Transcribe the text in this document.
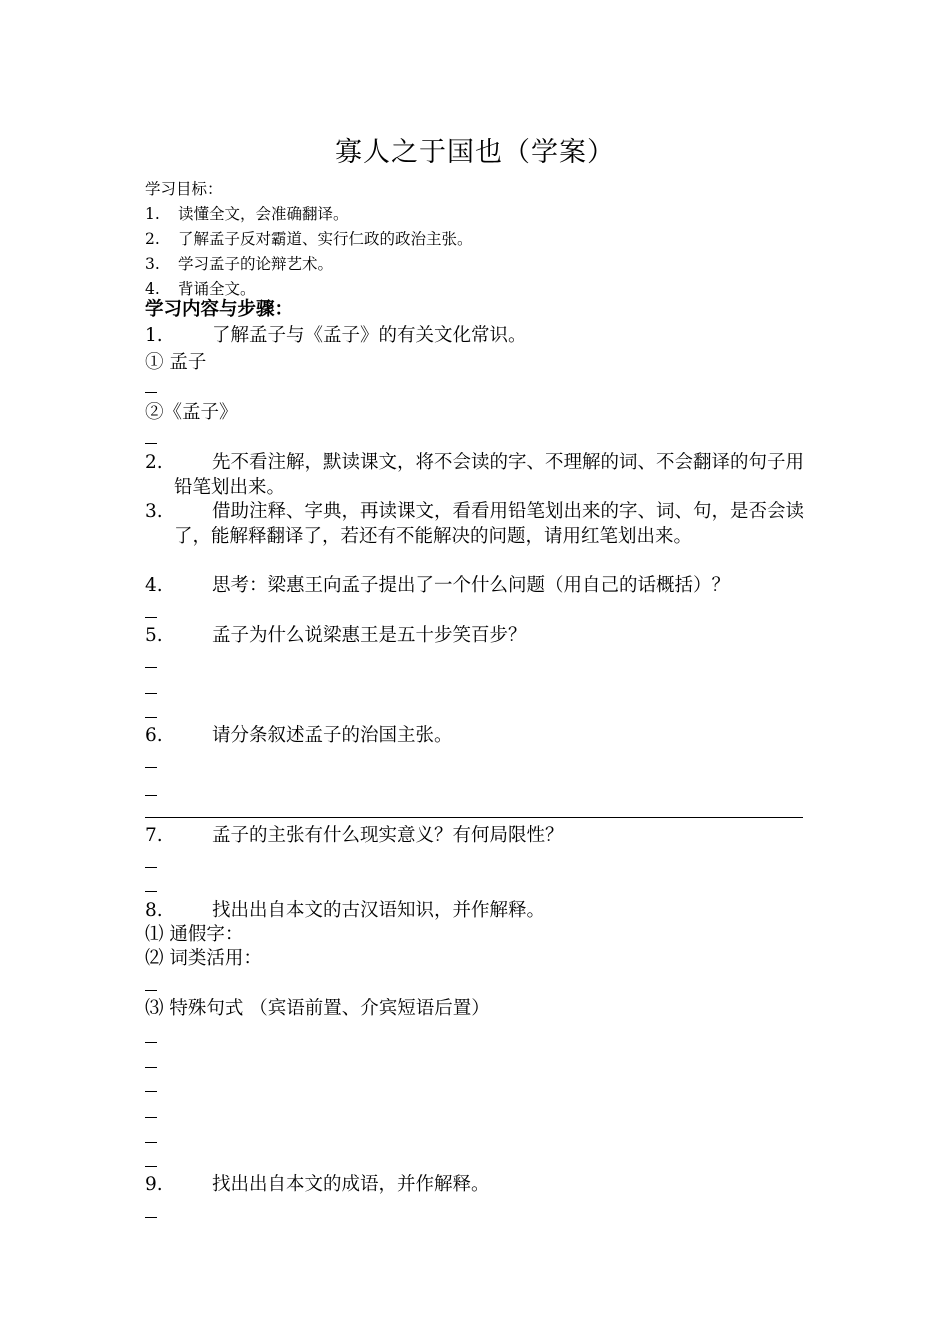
寡人之于国也（学案）
学习目标：
1. 读懂全文，会准确翻译。
2. 了解孟子反对霸道、实行仁政的政治主张。
3. 学习孟子的论辩艺术。
4. 背诵全文。
学习内容与步骤：
1.	了解孟子与《孟子》的有关文化常识。
① 孟子
②《孟子》
2.	先不看注解，默读课文，将不会读的字、不理解的词、不会翻译的句子用铅笔划出来。
3.	借助注释、字典，再读课文，看看用铅笔划出来的字、词、句，是否会读了，能解释翻译了，若还有不能解决的问题，请用红笔划出来。
4.	思考：梁惠王向孟子提出了一个什么问题（用自己的话概括）？
5.	孟子为什么说梁惠王是五十步笑百步？
6.	请分条叙述孟子的治国主张。
7.	孟子的主张有什么现实意义？有何局限性？
8.	找出出自本文的古汉语知识，并作解释。
⑴ 通假字：
⑵ 词类活用：
⑶ 特殊句式 （宾语前置、介宾短语后置）
9.	找出出自本文的成语，并作解释。
